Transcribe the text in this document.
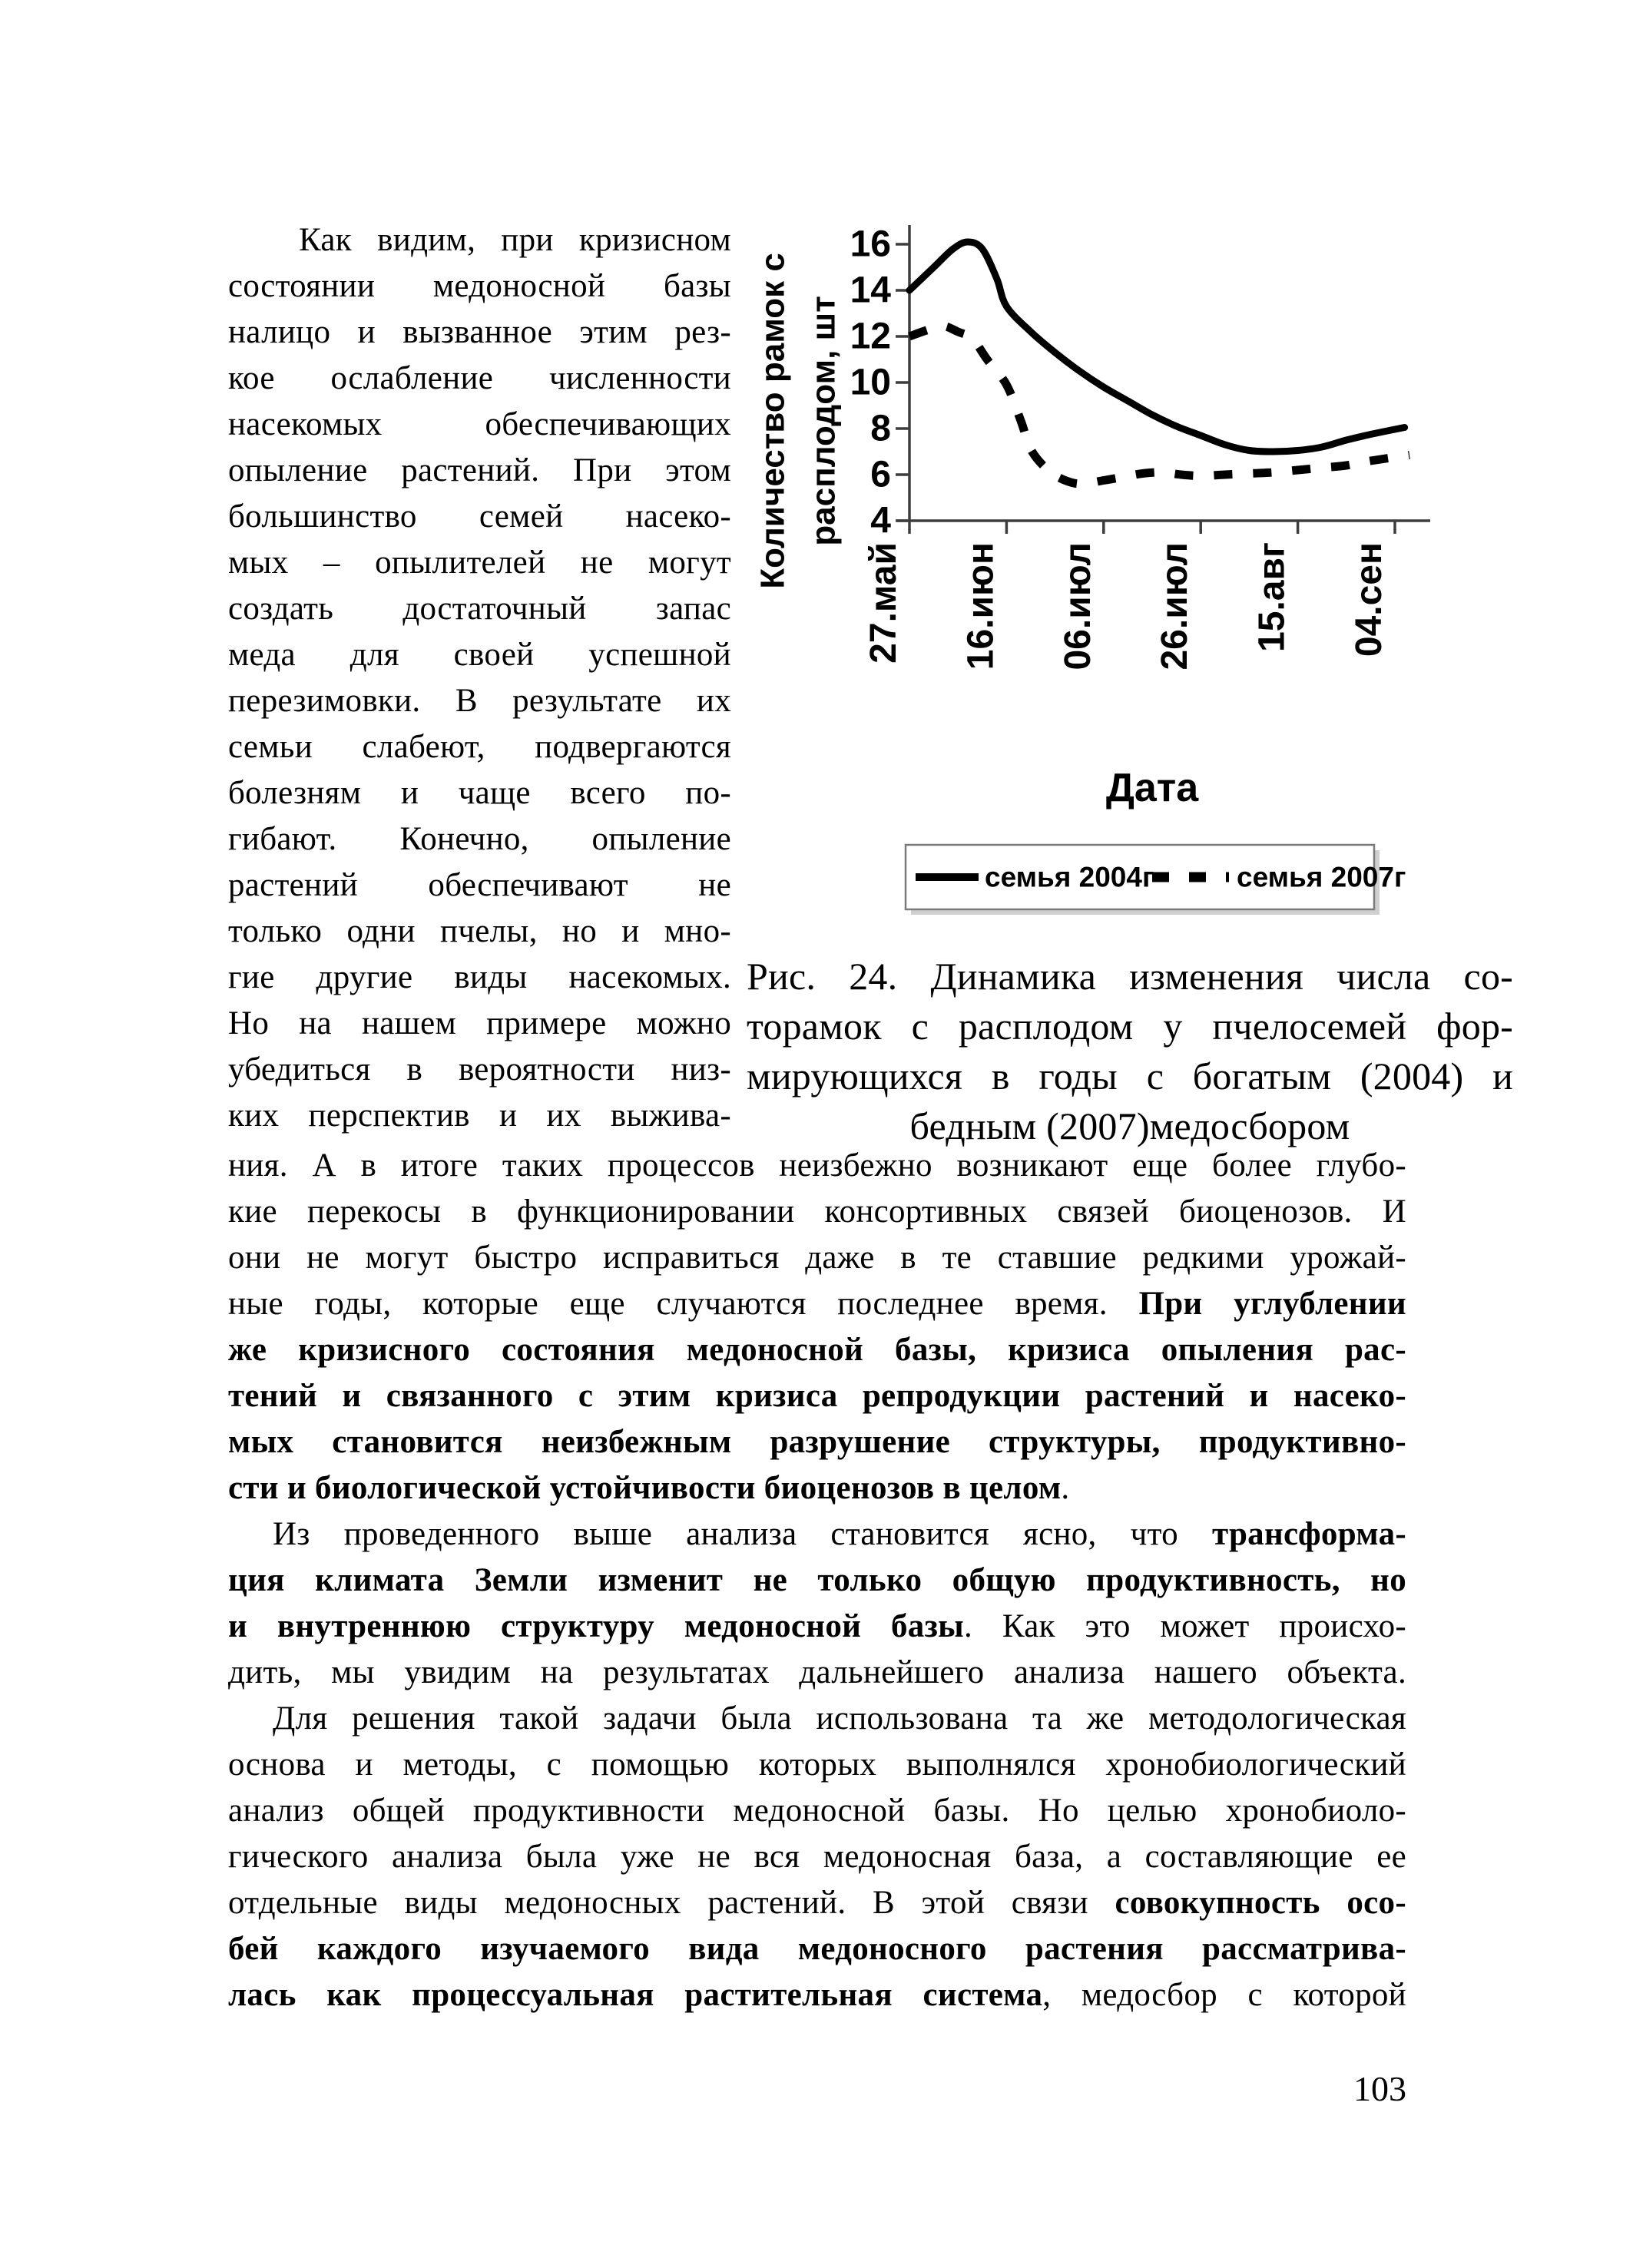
Как видим, при кризисном
состоянии медоносной базы
налицо и вызванное этим рез-
кое ослабление численности
насекомых обеспечивающих
опыление растений. При этом
большинство семей насеко-
мых – опылителей не могут
создать достаточный запас
меда для своей успешной
перезимовки. В результате их
семьи слабеют, подвергаются
болезням и чаще всего по-
гибают. Конечно, опыление
растений обеспечивают не
только одни пчелы, но и мно-
гие другие виды насекомых.
Но на нашем примере можно
убедиться в вероятности низ-
ких перспектив и их выжива-
4
6
8
10
12
14
16
27.май 16.июн 06.июл 26.июл 15.авг 04.сен
Количество рамок с расплодом, шт
Дата
семья 2004г	семья 2007г
Рис. 24. Динамика изменения числа со-
торамок с расплодом у пчелосемей фор-
мирующихся в годы с богатым (2004) и
бедным (2007)медосбором
ния. А в итоге таких процессов неизбежно возникают еще более глубо-
кие перекосы в функционировании консортивных связей биоценозов. И
они не могут быстро исправиться даже в те ставшие редкими урожай-
ные годы, которые еще случаются последнее время. При углублении
же кризисного состояния медоносной базы, кризиса опыления рас-
тений и связанного с этим кризиса репродукции растений и насеко-
мых становится неизбежным разрушение структуры, продуктивно-
сти и биологической устойчивости биоценозов в целом.
Из проведенного выше анализа становится ясно, что трансформа-
ция климата Земли изменит не только общую продуктивность, но
и внутреннюю структуру медоносной базы. Как это может происхо-
дить, мы увидим на результатах дальнейшего анализа нашего объекта.
Для решения такой задачи была использована та же методологическая
основа и методы, с помощью которых выполнялся хронобиологический
анализ общей продуктивности медоносной базы. Но целью хронобиоло-
гического анализа была уже не вся медоносная база, а составляющие ее
отдельные виды медоносных растений. В этой связи совокупность осо-
бей каждого изучаемого вида медоносного растения рассматрива-
лась как процессуальная растительная система, медосбор с которой
103
